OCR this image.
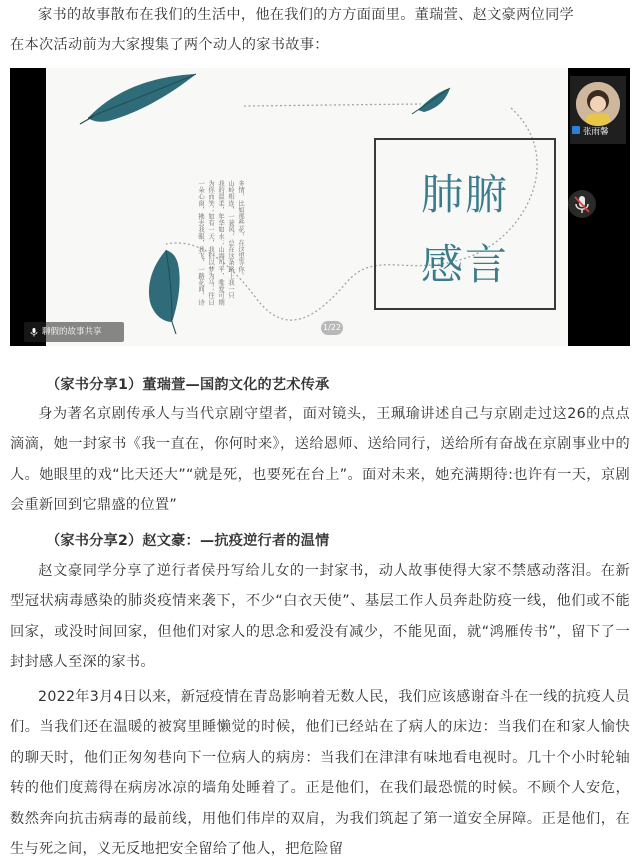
家书的故事散布在我们的生活中，他在我们的方方面面里。董瑞萱、赵文豪两位同学
在本次活动前为大家搜集了两个动人的家书故事：
一朵心窗，拂去我眼，我飞，一路花间，诗 为你而笑；如有一天，我们以梦为马；往日 我的温柔，年华如水；山海可平，唯爱可期 山岭相连，一蓑风，总在这条路上我一只 多情，比如那些花，在这里等你。	肺腑
感言
1/22
聊假的故事共享
张雨馨
（家书分享1）董瑞萱—国韵文化的艺术传承
身为著名京剧传承人与当代京剧守望者，面对镜头，王珮瑜讲述自己与京剧走过这26的点点滴滴，她一封家书《我一直在，你何时来》，送给恩师、送给同行，送给所有奋战在京剧事业中的人。她眼里的戏“比天还大”“就是死，也要死在台上”。面对未来，她充满期待:也许有一天，京剧会重新回到它鼎盛的位置”
（家书分享2）赵文豪：—抗疫逆行者的温情
赵文豪同学分享了逆行者侯丹写给儿女的一封家书，动人故事使得大家不禁感动落泪。在新型冠状病毒感染的肺炎疫情来袭下，不少“白衣天使”、基层工作人员奔赴防疫一线，他们或不能回家，或没时间回家，但他们对家人的思念和爱没有减少，不能见面，就“鸿雁传书”，留下了一封封感人至深的家书。
2022年3月4日以来，新冠疫情在青岛影响着无数人民，我们应该感谢奋斗在一线的抗疫人员们。当我们还在温暖的被窝里睡懒觉的时候，他们已经站在了病人的床边：当我们在和家人愉快的聊天时，他们正匆匆巷向下一位病人的病房：当我们在津津有味地看电视时。几十个小时轮轴转的他们度蔫得在病房冰凉的墙角处睡着了。正是他们，在我们最恐慌的时候。不顾个人安危，数然奔向抗击病毒的最前线，用他们伟岸的双肩，为我们筑起了第一道安全屏障。正是他们，在生与死之间，义无反地把安全留给了他人，把危险留
